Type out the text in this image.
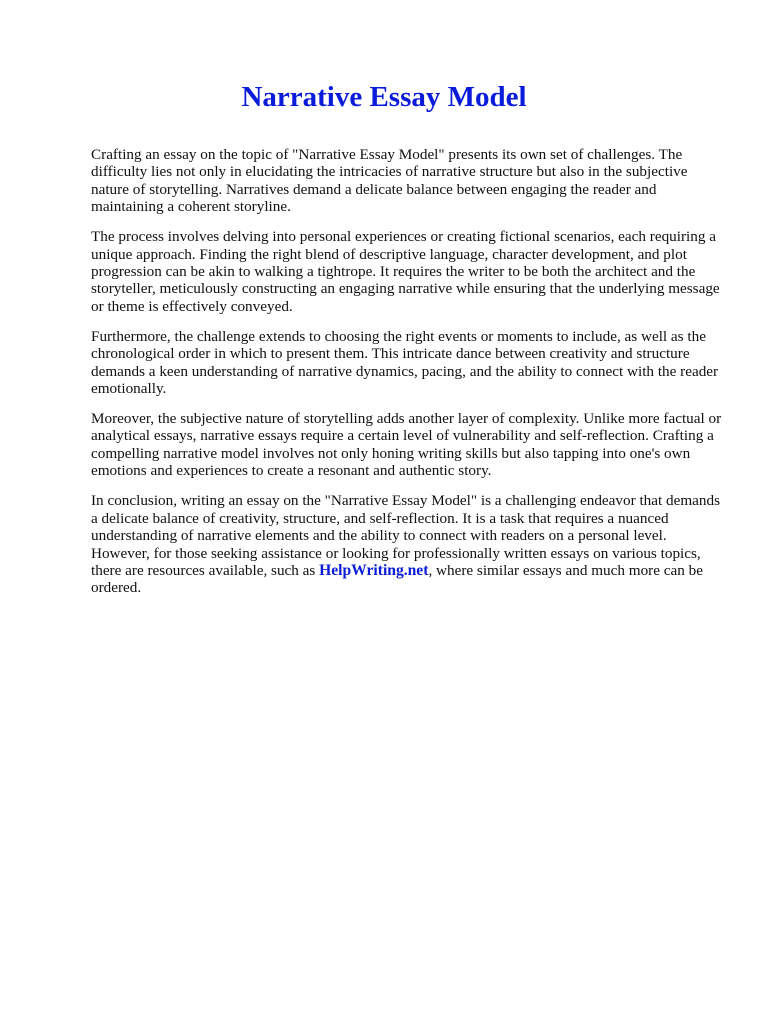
Narrative Essay Model

Crafting an essay on the topic of "Narrative Essay Model" presents its own set of challenges. The difficulty lies not only in elucidating the intricacies of narrative structure but also in the subjective nature of storytelling. Narratives demand a delicate balance between engaging the reader and maintaining a coherent storyline.

The process involves delving into personal experiences or creating fictional scenarios, each requiring a unique approach. Finding the right blend of descriptive language, character development, and plot progression can be akin to walking a tightrope. It requires the writer to be both the architect and the storyteller, meticulously constructing an engaging narrative while ensuring that the underlying message or theme is effectively conveyed.

Furthermore, the challenge extends to choosing the right events or moments to include, as well as the chronological order in which to present them. This intricate dance between creativity and structure demands a keen understanding of narrative dynamics, pacing, and the ability to connect with the reader emotionally.

Moreover, the subjective nature of storytelling adds another layer of complexity. Unlike more factual or analytical essays, narrative essays require a certain level of vulnerability and self-reflection. Crafting a compelling narrative model involves not only honing writing skills but also tapping into one's own emotions and experiences to create a resonant and authentic story.

In conclusion, writing an essay on the "Narrative Essay Model" is a challenging endeavor that demands a delicate balance of creativity, structure, and self-reflection. It is a task that requires a nuanced understanding of narrative elements and the ability to connect with readers on a personal level. However, for those seeking assistance or looking for professionally written essays on various topics, there are resources available, such as HelpWriting.net, where similar essays and much more can be ordered.
